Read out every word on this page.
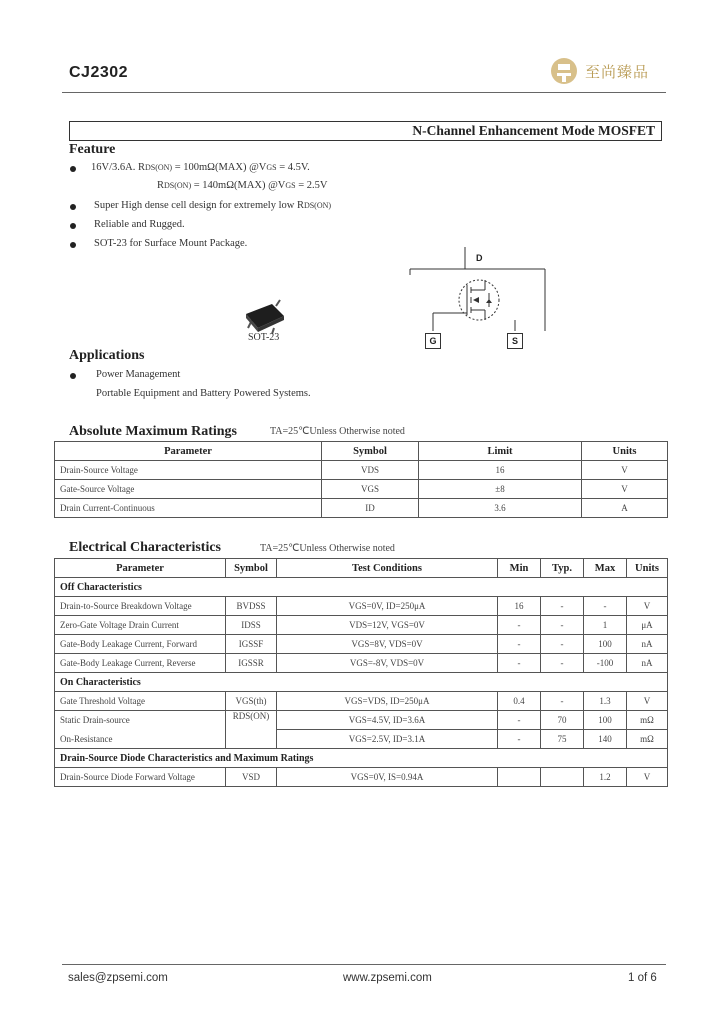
CJ2302	至尚臻品
N-Channel Enhancement Mode MOSFET
Feature
16V/3.6A. RDS(ON) = 100mΩ(MAX) @VGS = 4.5V.
RDS(ON) = 140mΩ(MAX) @VGS = 2.5V
Super High dense cell design for extremely low RDS(ON)
Reliable and Rugged.
SOT-23 for Surface Mount Package.
SOT-23
D
G	S
Applications
Power Management
Portable Equipment and Battery Powered Systems.
Absolute Maximum Ratings	TA=25℃Unless Otherwise noted
Parameter	Symbol	Limit	Units
Drain-Source Voltage	VDS	16	V
Gate-Source Voltage	VGS	±8	V
Drain Current-Continuous	ID	3.6	A
Electrical Characteristics	TA=25℃Unless Otherwise noted
Parameter	Symbol	Test Conditions	Min	Typ.	Max	Units
Off Characteristics						
Drain-to-Source Breakdown Voltage	BVDSS	VGS=0V, ID=250μA	16	-	-	V
Zero-Gate Voltage Drain Current	IDSS	VDS=12V, VGS=0V	-	-	1	μA
Gate-Body Leakage Current, Forward	IGSSF	VGS=8V, VDS=0V	-	-	100	nA
Gate-Body Leakage Current, Reverse	IGSSR	VGS=-8V, VDS=0V	-	-	-100	nA
On Characteristics						
Gate Threshold Voltage	VGS(th)	VGS=VDS, ID=250μA	0.4	-	1.3	V
Static Drain-source	RDS(ON)	VGS=4.5V, ID=3.6A	-	70	100	mΩ
On-Resistance		VGS=2.5V, ID=3.1A	-	75	140	mΩ
Drain-Source Diode Characteristics and Maximum Ratings						
Drain-Source Diode Forward Voltage	VSD	VGS=0V, IS=0.94A			1.2	V
sales@zpsemi.com	www.zpsemi.com	1 of 6
